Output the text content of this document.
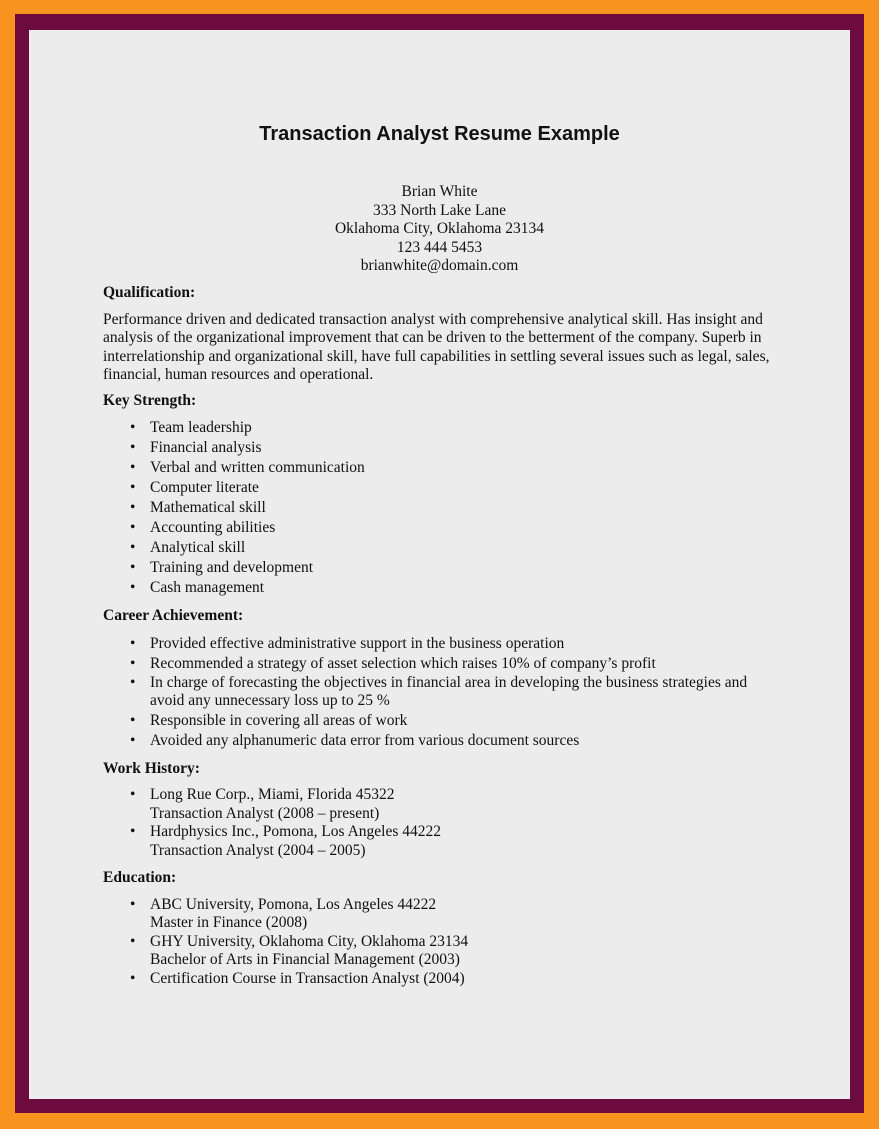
Transaction Analyst Resume Example
Brian White
333 North Lake Lane
Oklahoma City, Oklahoma 23134
123 444 5453
brianwhite@domain.com
Qualification:
Performance driven and dedicated transaction analyst with comprehensive analytical skill. Has insight and analysis of the organizational improvement that can be driven to the betterment of the company. Superb in interrelationship and organizational skill, have full capabilities in settling several issues such as legal, sales, financial, human resources and operational.
Key Strength:
• Team leadership
• Financial analysis
• Verbal and written communication
• Computer literate
• Mathematical skill
• Accounting abilities
• Analytical skill
• Training and development
• Cash management
Career Achievement:
• Provided effective administrative support in the business operation
• Recommended a strategy of asset selection which raises 10% of company’s profit
• In charge of forecasting the objectives in financial area in developing the business strategies and avoid any unnecessary loss up to 25 %
• Responsible in covering all areas of work
• Avoided any alphanumeric data error from various document sources
Work History:
• Long Rue Corp., Miami, Florida 45322
Transaction Analyst (2008 – present)
• Hardphysics Inc., Pomona, Los Angeles 44222
Transaction Analyst (2004 – 2005)
Education:
• ABC University, Pomona, Los Angeles 44222
Master in Finance (2008)
• GHY University, Oklahoma City, Oklahoma 23134
Bachelor of Arts in Financial Management (2003)
• Certification Course in Transaction Analyst (2004)
